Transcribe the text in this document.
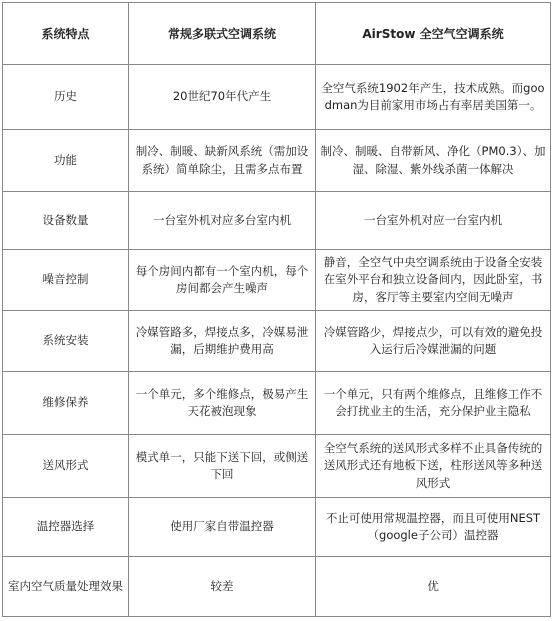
系统特点	常规多联式空调系统	AirStow 全空气空调系统
历史	20世纪70年代产生	全空气系统1902年产生，技术成熟。而goodman为目前家用市场占有率居美国第一。
功能	制冷、制暖、缺新风系统（需加设系统）简单除尘，且需多点布置	制冷、制暖、自带新风、净化（PM0.3）、加湿、除湿、紫外线杀菌一体解决
设备数量	一台室外机对应多台室内机	一台室外机对应一台室内机
噪音控制	每个房间内都有一个室内机，每个房间都会产生噪声	静音，全空气中央空调系统由于设备全安装在室外平台和独立设备间内，因此卧室，书房，客厅等主要室内空间无噪声
系统安装	冷媒管路多，焊接点多，冷媒易泄漏，后期维护费用高	冷媒管路少，焊接点少，可以有效的避免投入运行后冷媒泄漏的问题
维修保养	一个单元，多个维修点，极易产生天花被泡现象	一个单元，只有两个维修点，且维修工作不会打扰业主的生活，充分保护业主隐私
送风形式	模式单一，只能下送下回，或侧送下回	全空气系统的送风形式多样不止具备传统的送风形式还有地板下送，柱形送风等多种送风形式
温控器选择	使用厂家自带温控器	不止可使用常规温控器，而且可使用NEST（google子公司）温控器
室内空气质量处理效果	较差	优
